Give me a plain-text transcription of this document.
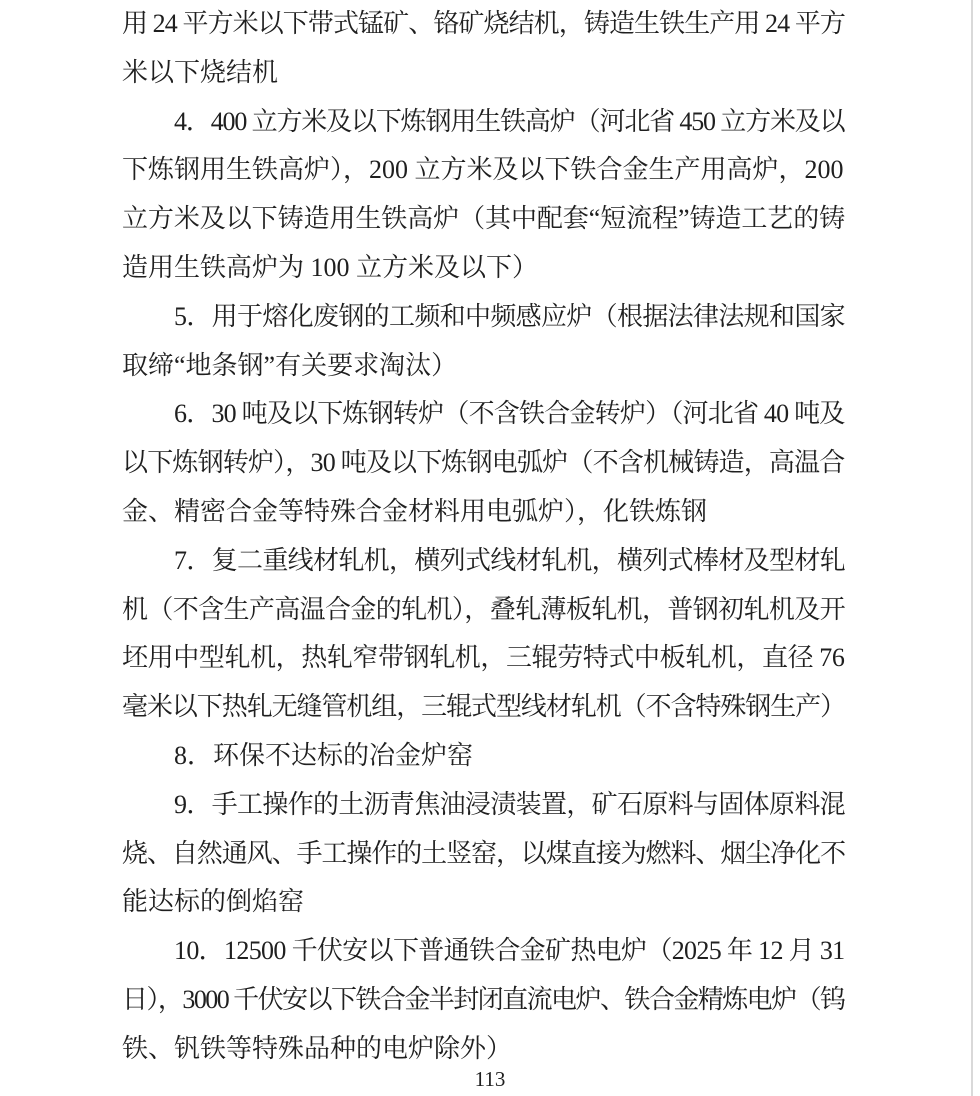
用 24 平方米以下带式锰矿、铬矿烧结机，铸造生铁生产用 24 平方
米以下烧结机
4．400 立方米及以下炼钢用生铁高炉（河北省 450 立方米及以
下炼钢用生铁高炉），200 立方米及以下铁合金生产用高炉，200
立方米及以下铸造用生铁高炉（其中配套“短流程”铸造工艺的铸
造用生铁高炉为 100 立方米及以下）
5．用于熔化废钢的工频和中频感应炉（根据法律法规和国家
取缔“地条钢”有关要求淘汰）
6．30 吨及以下炼钢转炉（不含铁合金转炉）（河北省 40 吨及
以下炼钢转炉），30 吨及以下炼钢电弧炉（不含机械铸造，高温合
金、精密合金等特殊合金材料用电弧炉），化铁炼钢
7．复二重线材轧机，横列式线材轧机，横列式棒材及型材轧
机（不含生产高温合金的轧机），叠轧薄板轧机，普钢初轧机及开
坯用中型轧机，热轧窄带钢轧机，三辊劳特式中板轧机，直径 76
毫米以下热轧无缝管机组，三辊式型线材轧机（不含特殊钢生产）
8．环保不达标的冶金炉窑
9．手工操作的土沥青焦油浸渍装置，矿石原料与固体原料混
烧、自然通风、手工操作的土竖窑，以煤直接为燃料、烟尘净化不
能达标的倒焰窑
10．12500 千伏安以下普通铁合金矿热电炉（2025 年 12 月 31
日），3000 千伏安以下铁合金半封闭直流电炉、铁合金精炼电炉（钨
铁、钒铁等特殊品种的电炉除外）
113
